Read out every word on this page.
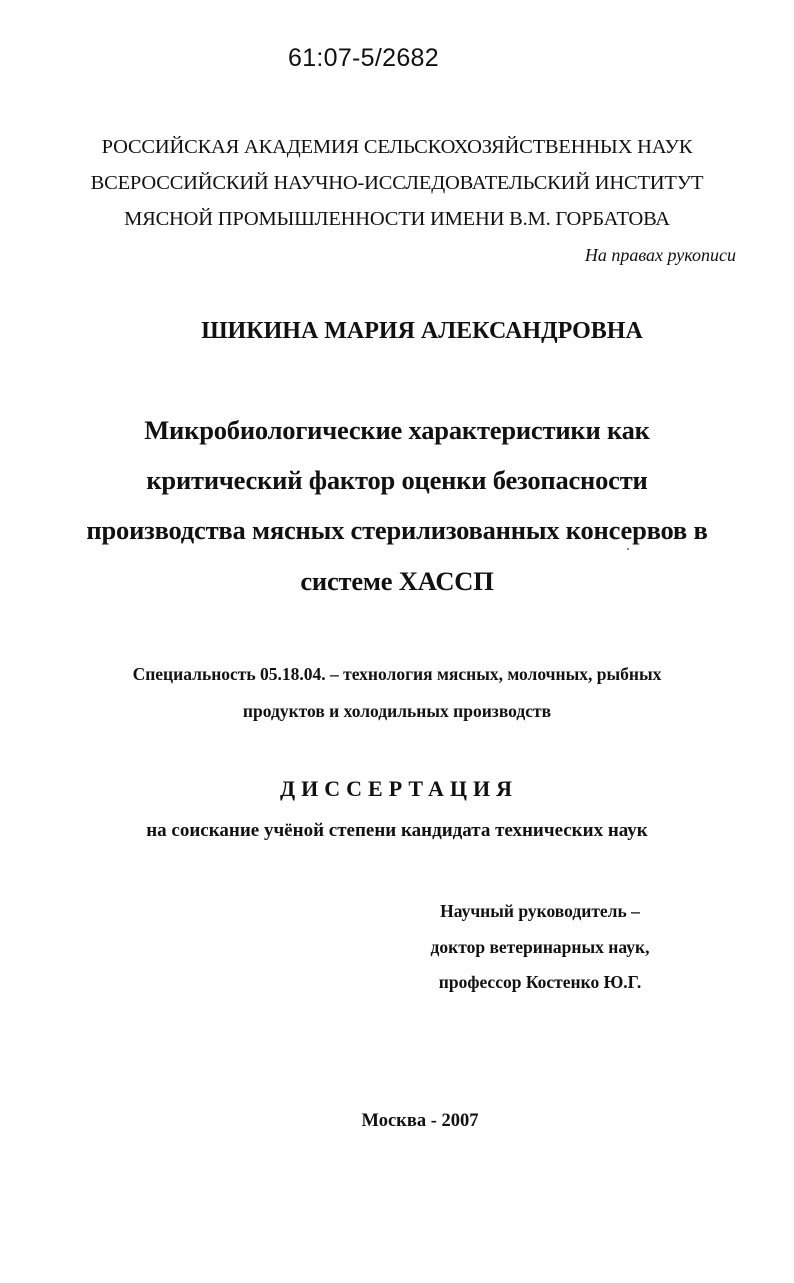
61:07-5/2682
РОССИЙСКАЯ АКАДЕМИЯ СЕЛЬСКОХОЗЯЙСТВЕННЫХ НАУК
ВСЕРОССИЙСКИЙ НАУЧНО-ИССЛЕДОВАТЕЛЬСКИЙ ИНСТИТУТ
МЯСНОЙ ПРОМЫШЛЕННОСТИ ИМЕНИ В.М. ГОРБАТОВА
На правах рукописи
ШИКИНА МАРИЯ АЛЕКСАНДРОВНА
Микробиологические характеристики как
критический фактор оценки безопасности
производства мясных стерилизованных консервов в
системе ХАССП
Специальность 05.18.04. – технология мясных, молочных, рыбных
продуктов и холодильных производств
ДИССЕРТАЦИЯ
на соискание учёной степени кандидата технических наук
Научный руководитель –
доктор ветеринарных наук,
профессор Костенко Ю.Г.
Москва - 2007
